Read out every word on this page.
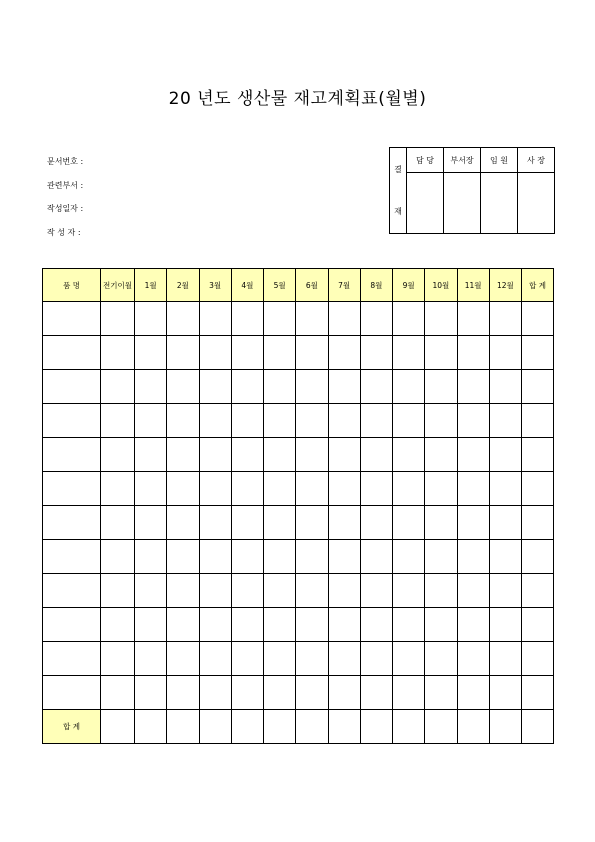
20 년도 생산물 재고계획표(월별)
문서번호 :
관련부서 :
작성일자 :
작 성 자 :
결
재	담 당	부서장	임 원	사 장

품 명	전기이월	1월	2월	3월	4월	5월	6월	7월	8월	9월	10월	11월	12월	합 계

합 계														
